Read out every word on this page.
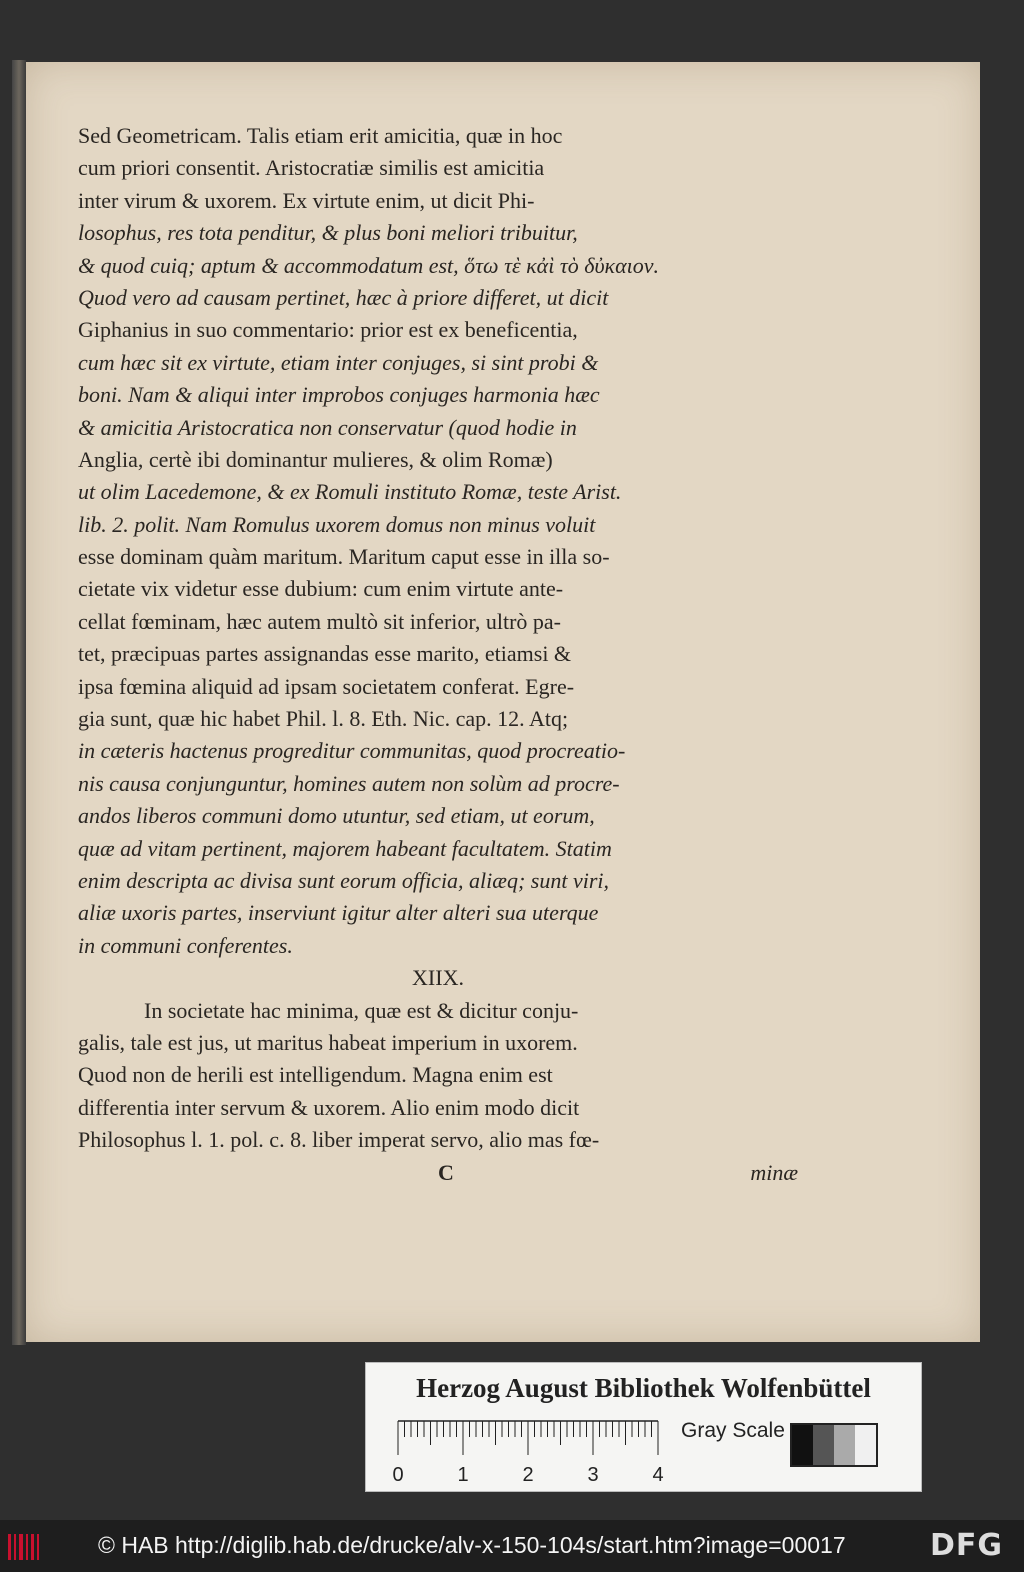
Sed Geometricam. Talis etiam erit amicitia, quæ in hoc
cum priori consentit. Aristocratiæ similis est amicitia
inter virum & uxorem. Ex virtute enim, ut dicit Phi-
losophus, res tota penditur, & plus boni meliori tribuitur,
& quod cuiq; aptum & accommodatum est, ὅτω τὲ κἀὶ τὸ δὐκαιον.
Quod vero ad causam pertinet, hæc à priore differet, ut dicit
Giphanius in suo commentario: prior est ex beneficentia,
cum hæc sit ex virtute, etiam inter conjuges, si sint probi &
boni. Nam & aliqui inter improbos conjuges harmonia hæc
& amicitia Aristocratica non conservatur (quod hodie in
Anglia, certè ibi dominantur mulieres, & olim Romæ)
ut olim Lacedemone, & ex Romuli instituto Romæ, teste Arist.
lib. 2. polit. Nam Romulus uxorem domus non minus voluit
esse dominam quàm maritum. Maritum caput esse in illa so-
cietate vix videtur esse dubium: cum enim virtute ante-
cellat fœminam, hæc autem multò sit inferior, ultrò pa-
tet, præcipuas partes assignandas esse marito, etiamsi &
ipsa fœmina aliquid ad ipsam societatem conferat. Egre-
gia sunt, quæ hic habet Phil. l. 8. Eth. Nic. cap. 12. Atq;
in cæteris hactenus progreditur communitas, quod procreatio-
nis causa conjunguntur, homines autem non solùm ad procre-
andos liberos communi domo utuntur, sed etiam, ut eorum,
quæ ad vitam pertinent, majorem habeant facultatem. Statim
enim descripta ac divisa sunt eorum officia, aliæq; sunt viri,
aliæ uxoris partes, inserviunt igitur alter alteri sua uterque
in communi conferentes.
XIIX.
In societate hac minima, quæ est & dicitur conju-
galis, tale est jus, ut maritus habeat imperium in uxorem.
Quod non de herili est intelligendum. Magna enim est
differentia inter servum & uxorem. Alio enim modo dicit
Philosophus l. 1. pol. c. 8. liber imperat servo, alio mas fœ-
C	minæ
Herzog August Bibliothek Wolfenbüttel
0	1	2	3	4
Gray Scale
© HAB http://diglib.hab.de/drucke/alv-x-150-104s/start.htm?image=00017	DFG
